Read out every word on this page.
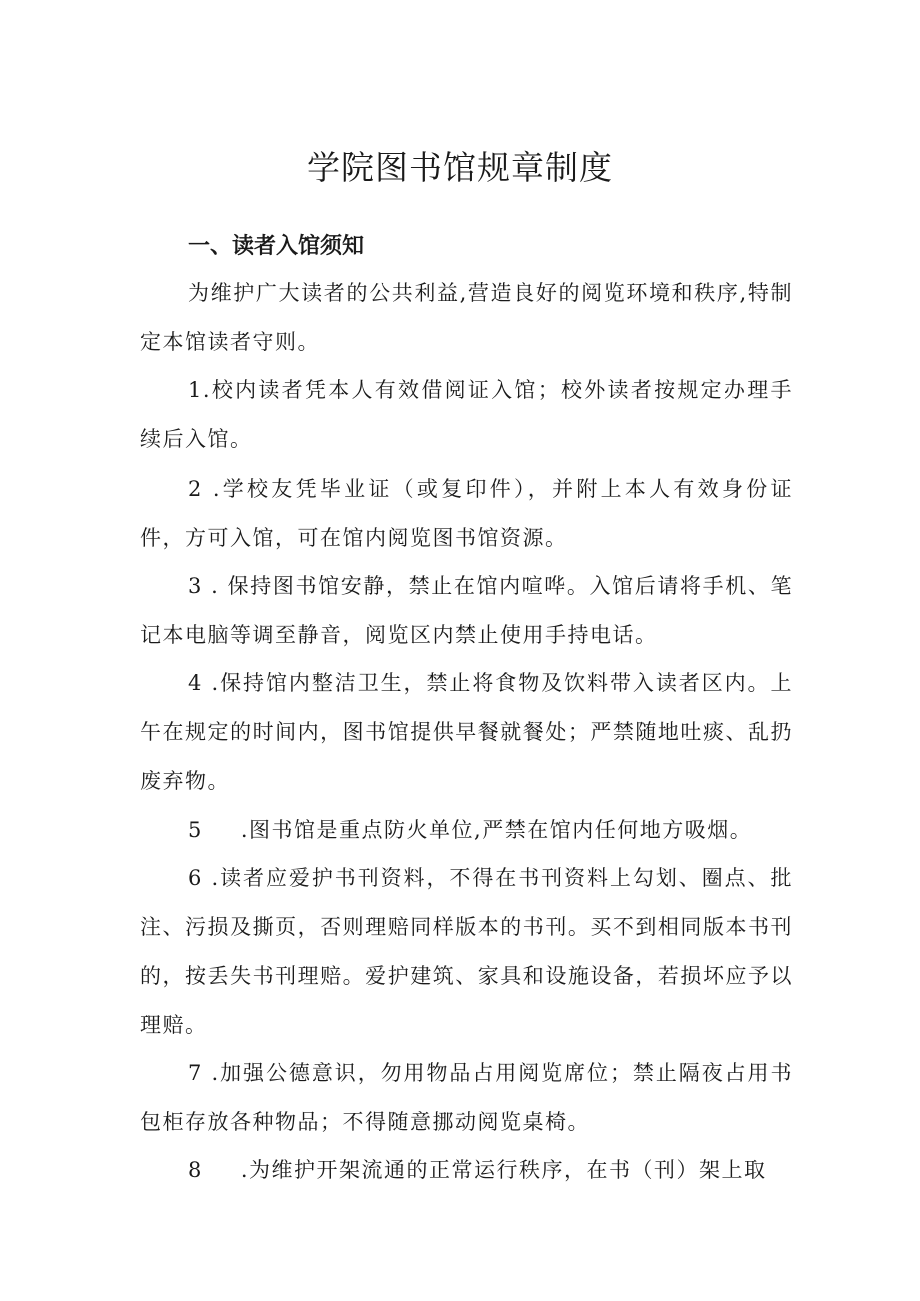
学院图书馆规章制度
一、读者入馆须知

为维护广大读者的公共利益,营造良好的阅览环境和秩序,特制定本馆读者守则。

1.校内读者凭本人有效借阅证入馆；校外读者按规定办理手续后入馆。

2 .学校友凭毕业证（或复印件），并附上本人有效身份证件，方可入馆，可在馆内阅览图书馆资源。

3 . 保持图书馆安静，禁止在馆内喧哗。入馆后请将手机、笔记本电脑等调至静音，阅览区内禁止使用手持电话。

4 .保持馆内整洁卫生，禁止将食物及饮料带入读者区内。上午在规定的时间内，图书馆提供早餐就餐处；严禁随地吐痰、乱扔废弃物。

5 .图书馆是重点防火单位,严禁在馆内任何地方吸烟。

6 .读者应爱护书刊资料，不得在书刊资料上勾划、圈点、批注、污损及撕页，否则理赔同样版本的书刊。买不到相同版本书刊的，按丢失书刊理赔。爱护建筑、家具和设施设备，若损坏应予以理赔。

7 .加强公德意识，勿用物品占用阅览席位；禁止隔夜占用书包柜存放各种物品；不得随意挪动阅览桌椅。

8 .为维护开架流通的正常运行秩序，在书（刊）架上取
